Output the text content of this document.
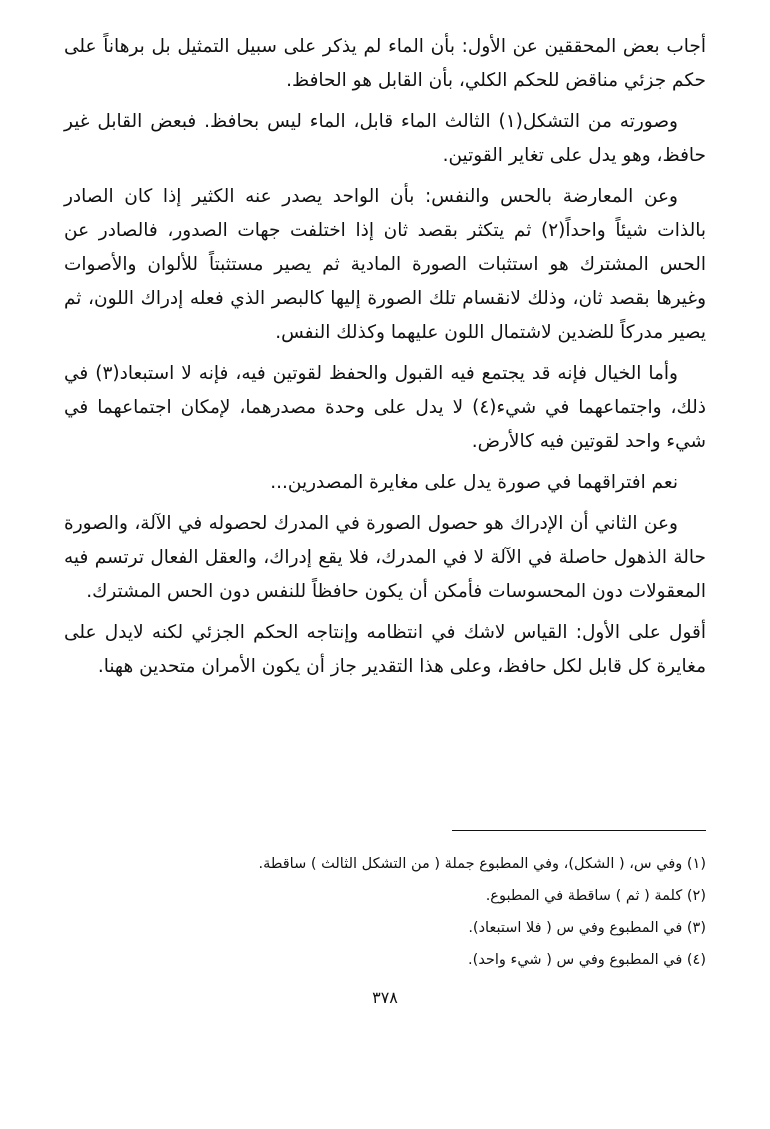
أجاب بعض المحققين عن الأول: بأن الماء لم يذكر على سبيل التمثيل بل برهاناً على حكم جزئي مناقض للحكم الكلي، بأن القابل هو الحافظ.

وصورته من التشكل(١) الثالث الماء قابل، الماء ليس بحافظ. فبعض القابل غير حافظ، وهو يدل على تغاير القوتين.

وعن المعارضة بالحس والنفس: بأن الواحد يصدر عنه الكثير إذا كان الصادر بالذات شيئاً واحداً(٢) ثم يتكثر بقصد ثان إذا اختلفت جهات الصدور، فالصادر عن الحس المشترك هو استثبات الصورة المادية ثم يصير مستثبتاً للألوان والأصوات وغيرها بقصد ثان، وذلك لانقسام تلك الصورة إليها كالبصر الذي فعله إدراك اللون، ثم يصير مدركاً للضدين لاشتمال اللون عليهما وكذلك النفس.

وأما الخيال فإنه قد يجتمع فيه القبول والحفظ لقوتين فيه، فإنه لا استبعاد(٣) في ذلك، واجتماعهما في شيء(٤) لا يدل على وحدة مصدرهما، لإمكان اجتماعهما في شيء واحد لقوتين فيه كالأرض.

نعم افتراقهما في صورة يدل على مغايرة المصدرين...

وعن الثاني أن الإدراك هو حصول الصورة في المدرك لحصوله في الآلة، والصورة حالة الذهول حاصلة في الآلة لا في المدرك، فلا يقع إدراك، والعقل الفعال ترتسم فيه المعقولات دون المحسوسات فأمكن أن يكون حافظاً للنفس دون الحس المشترك.

أقول على الأول: القياس لاشك في انتظامه وإنتاجه الحكم الجزئي لكنه لايدل على مغايرة كل قابل لكل حافظ، وعلى هذا التقدير جاز أن يكون الأمران متحدين ههنا.

(١) وفي س، ( الشكل)، وفي المطبوع جملة ( من التشكل الثالث ) ساقطة.
(٢) كلمة ( ثم ) ساقطة في المطبوع.
(٣) في المطبوع وفي س ( فلا استبعاد).
(٤) في المطبوع وفي س ( شيء واحد).
٣٧٨
